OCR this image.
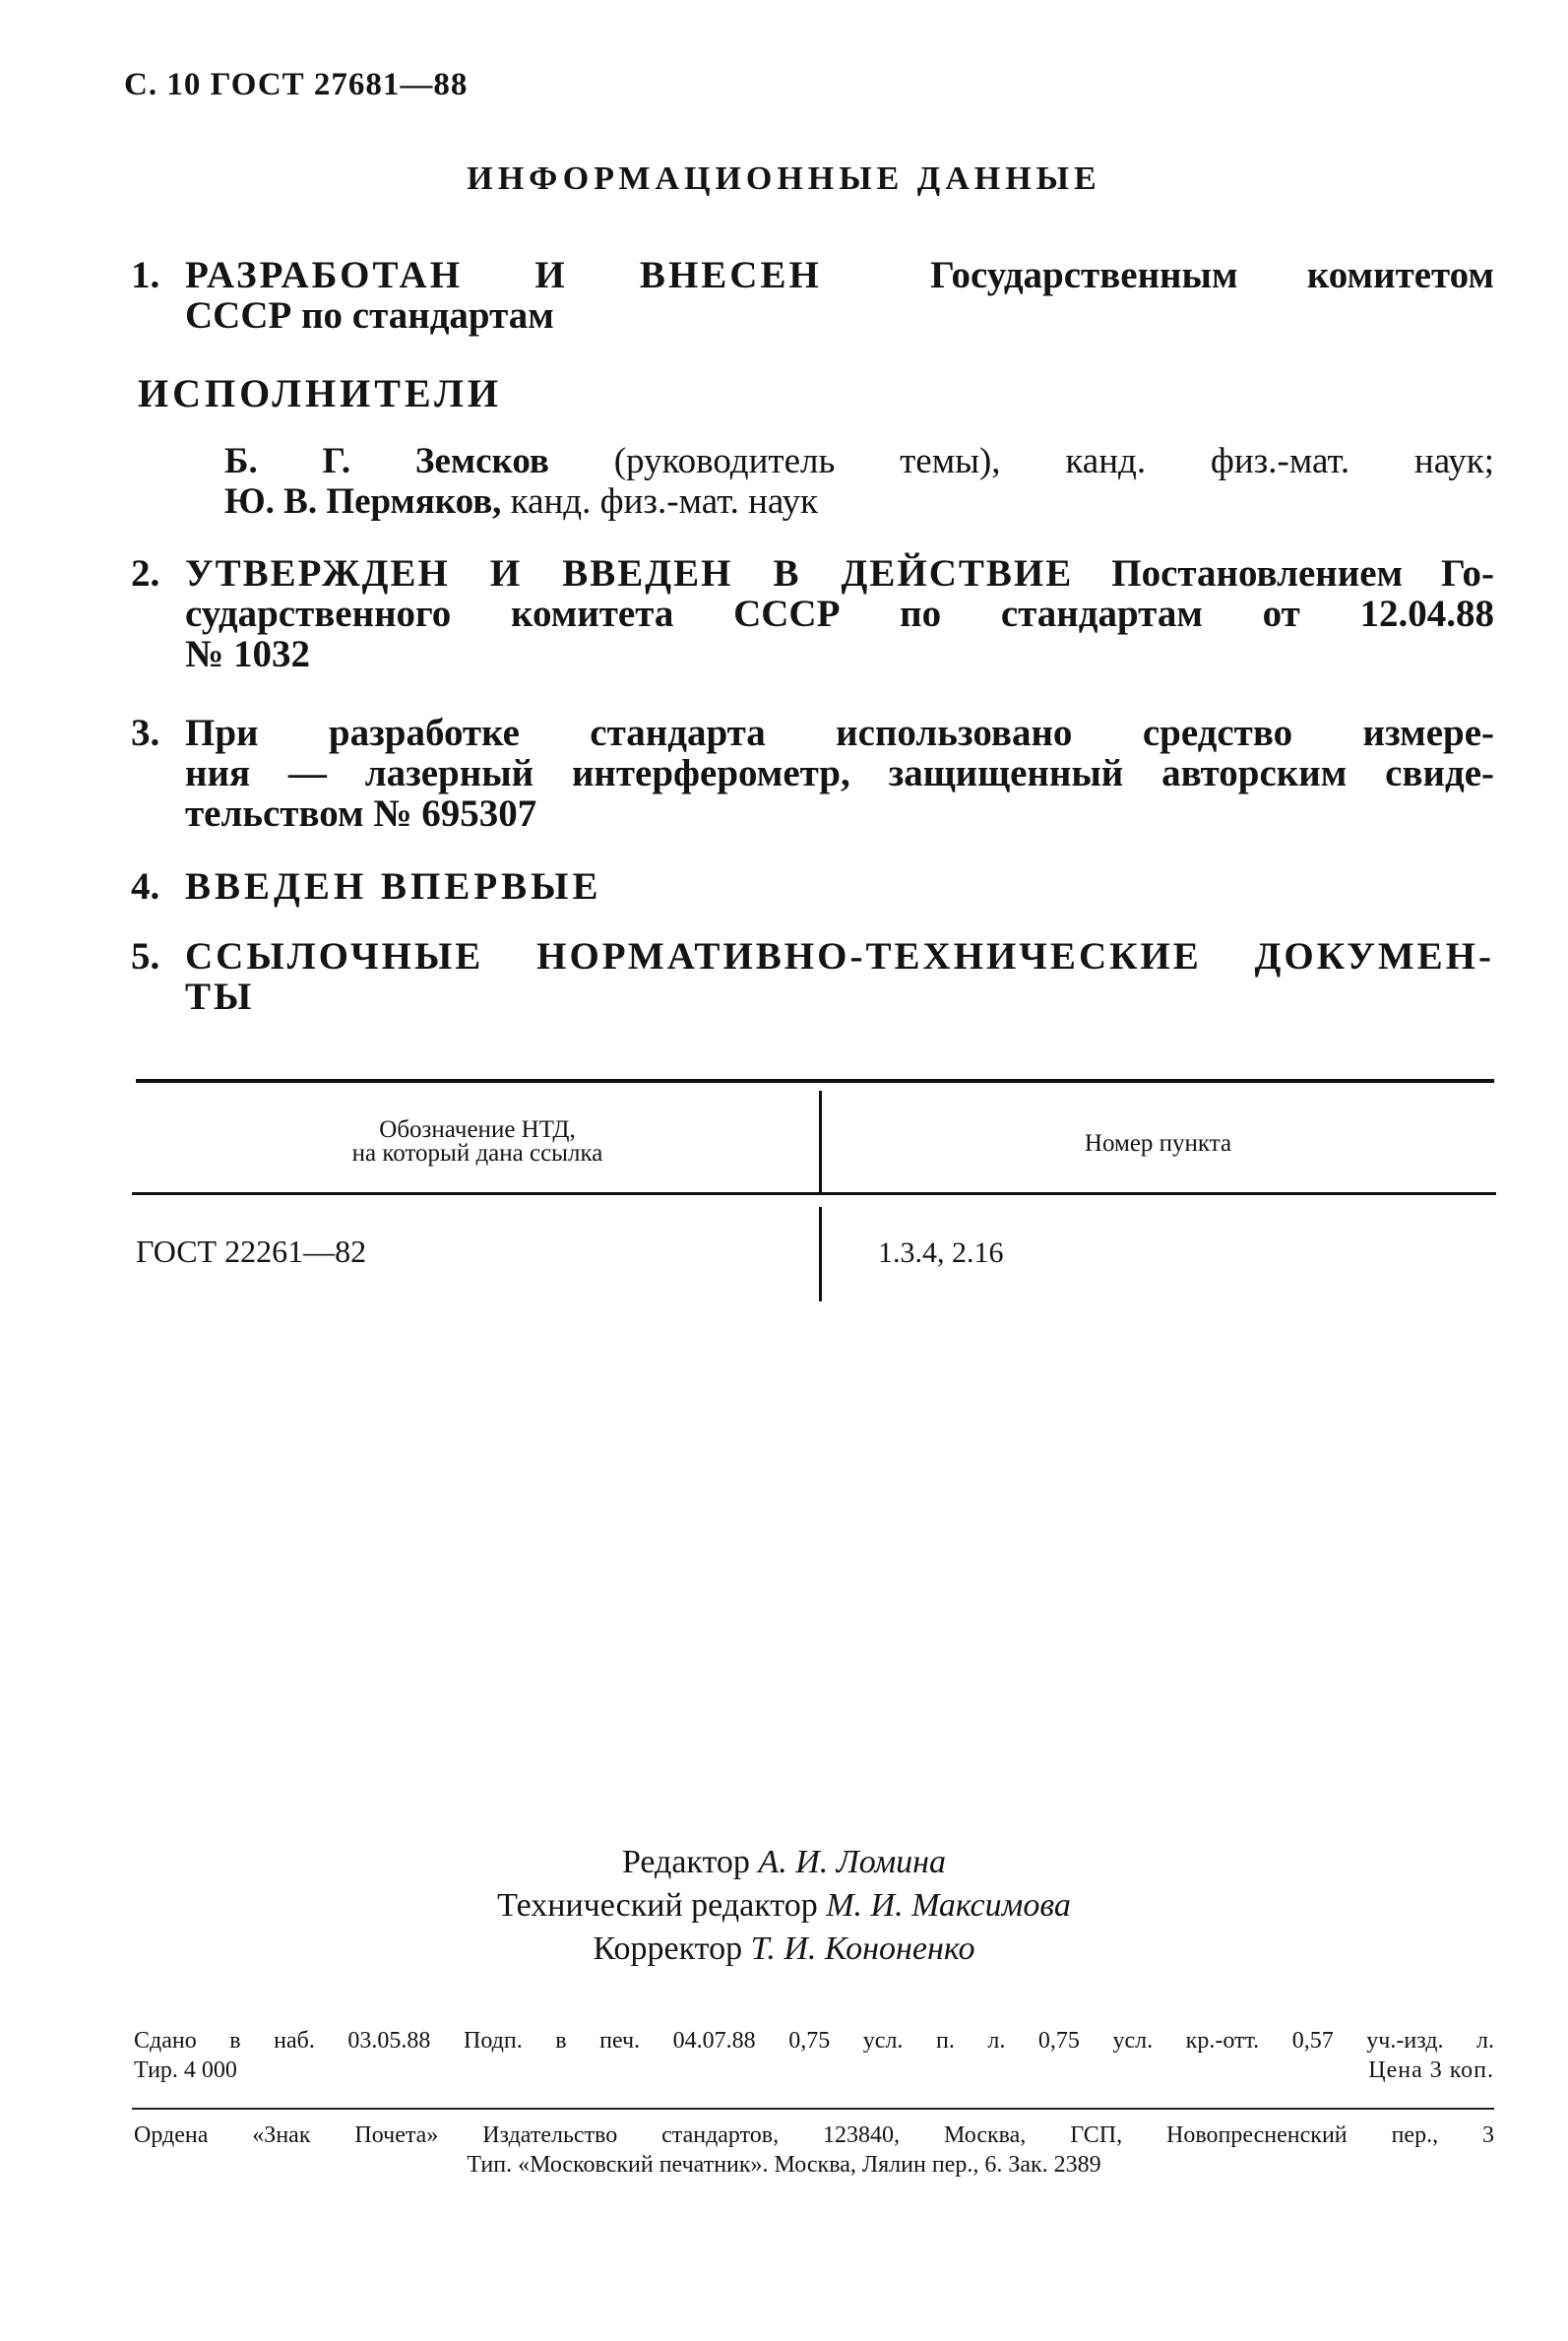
С. 10 ГОСТ 27681—88
ИНФОРМАЦИОННЫЕ ДАННЫЕ
1. РАЗРАБОТАН И ВНЕСЕН	Государственным комитетом
СССР по стандартам
ИСПОЛНИТЕЛИ
Б. Г. Земсков (руководитель темы), канд. физ.-мат. наук;
Ю. В. Пермяков, канд. физ.-мат. наук
2. УТВЕРЖДЕН И ВВЕДЕН В ДЕЙСТВИЕ Постановлением Го-
сударственного комитета СССР по стандартам от 12.04.88
№ 1032
3. При разработке стандарта использовано средство измере-
ния — лазерный интерферометр, защищенный авторским свиде-
тельством № 695307
4. ВВЕДЕН ВПЕРВЫЕ
5. ССЫЛОЧНЫЕ НОРМАТИВНО-ТЕХНИЧЕСКИЕ ДОКУМЕН-
ТЫ
Обозначение НТД,
на который дана ссылка	Номер пункта
ГОСТ 22261—82	1.3.4, 2.16
Редактор А. И. Ломина
Технический редактор М. И. Максимова
Корректор Т. И. Кононенко
Сдано в наб. 03.05.88 Подп. в печ. 04.07.88 0,75 усл. п. л. 0,75 усл. кр.-отт. 0,57 уч.-изд. л.
Тир. 4 000	Цена 3 коп.
Ордена «Знак Почета» Издательство стандартов, 123840, Москва, ГСП, Новопресненский пер., 3
Тип. «Московский печатник». Москва, Лялин пер., 6. Зак. 2389
